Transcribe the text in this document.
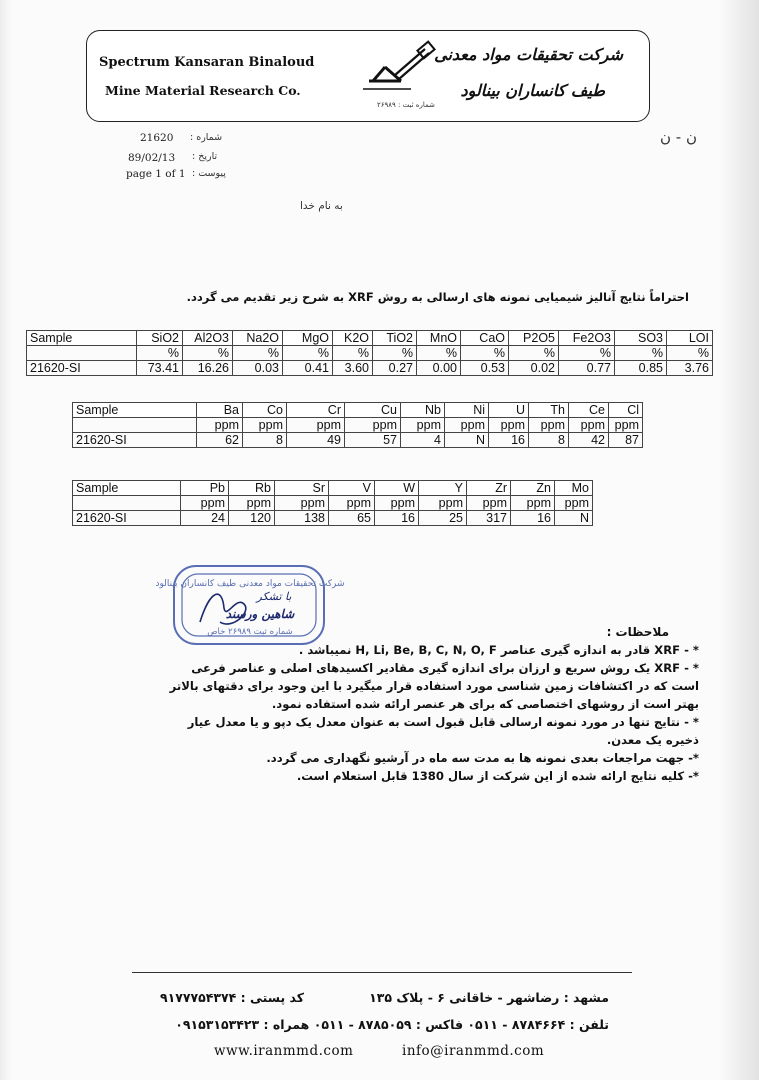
Spectrum Kansaran Binaloud
Mine Material Research Co.
شماره ثبت : ۲۶۹۸۹
شرکت تحقیقات مواد معدنی
طیف کانساران بینالود
21620 شماره :
89/02/13 تاریخ :
page 1 of 1 پیوست :
ن - ن
به نام خدا
احتراماً نتایج آنالیز شیمیایی نمونه های ارسالی به روش XRF به شرح زیر تقدیم می گردد.
Sample	SiO2	Al2O3	Na2O	MgO	K2O	TiO2	MnO	CaO	P2O5	Fe2O3	SO3	LOI
	%	%	%	%	%	%	%	%	%	%	%	%
21620-SI	73.41	16.26	0.03	0.41	3.60	0.27	0.00	0.53	0.02	0.77	0.85	3.76
Sample	Ba	Co	Cr	Cu	Nb	Ni	U	Th	Ce	Cl
	ppm	ppm	ppm	ppm	ppm	ppm	ppm	ppm	ppm	ppm
21620-SI	62	8	49	57	4	N	16	8	42	87
Sample	Pb	Rb	Sr	V	W	Y	Zr	Zn	Mo
	ppm	ppm	ppm	ppm	ppm	ppm	ppm	ppm	ppm
21620-SI	24	120	138	65	16	25	317	16	N
شرکت تحقیقات مواد معدنی طیف کانساران بینالود
شماره ثبت ۲۶۹۸۹ خاص
با تشکر
شاهین ورسند
ملاحظات :
* - XRF قادر به اندازه گیری عناصر H, Li, Be, B, C, N, O, F نمیباشد .
* - XRF یک روش سریع و ارزان برای اندازه گیری مقادیر اکسیدهای اصلی و عناصر فرعی
است که در اکتشافات زمین شناسی مورد استفاده قرار میگیرد با این وجود برای دقتهای بالاتر
بهتر است از روشهای اختصاصی که برای هر عنصر ارائه شده استفاده نمود.
* - نتایج تنها در مورد نمونه ارسالی قابل قبول است به عنوان معدل یک دپو و یا معدل عیار
ذخیره یک معدن.
*- جهت مراجعات بعدی نمونه ها به مدت سه ماه در آرشیو نگهداری می گردد.
*- کلیه نتایج ارائه شده از این شرکت از سال 1380 قابل استعلام است.
مشهد : رضاشهر - خاقانی ۶ - پلاک ۱۳۵
کد پستی : ۹۱۷۷۷۵۴۳۷۴
تلفن : ۸۷۸۴۶۶۴ - ۰۵۱۱ فاکس : ۸۷۸۵۰۵۹ - ۰۵۱۱ همراه : ۰۹۱۵۳۱۵۳۴۲۳
www.iranmmd.com	info@iranmmd.com
